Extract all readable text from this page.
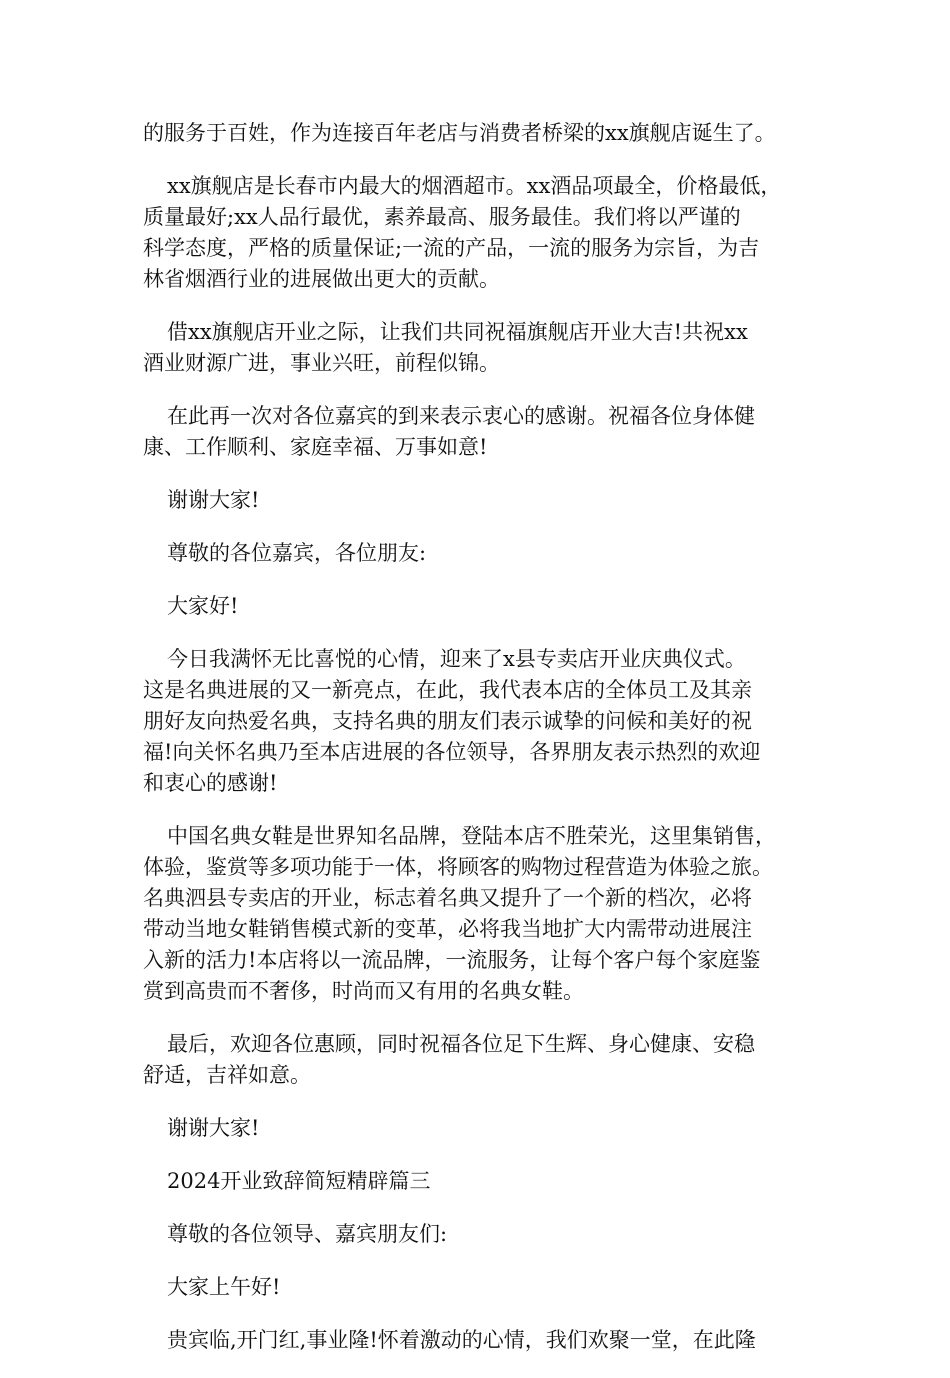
的服务于百姓，作为连接百年老店与消费者桥梁的xx旗舰店诞生了。
xx旗舰店是长春市内最大的烟酒超市。xx酒品项最全，价格最低，
质量最好;xx人品行最优，素养最高、服务最佳。我们将以严谨的
科学态度，严格的质量保证;一流的产品，一流的服务为宗旨，为吉
林省烟酒行业的进展做出更大的贡献。
借xx旗舰店开业之际，让我们共同祝福旗舰店开业大吉!共祝xx
酒业财源广进，事业兴旺，前程似锦。
在此再一次对各位嘉宾的到来表示衷心的感谢。祝福各位身体健
康、工作顺利、家庭幸福、万事如意!
谢谢大家!
尊敬的各位嘉宾，各位朋友:
大家好!
今日我满怀无比喜悦的心情，迎来了x县专卖店开业庆典仪式。
这是名典进展的又一新亮点，在此，我代表本店的全体员工及其亲
朋好友向热爱名典，支持名典的朋友们表示诚挚的问候和美好的祝
福!向关怀名典乃至本店进展的各位领导，各界朋友表示热烈的欢迎
和衷心的感谢!
中国名典女鞋是世界知名品牌，登陆本店不胜荣光，这里集销售，
体验，鉴赏等多项功能于一体，将顾客的购物过程营造为体验之旅。
名典泗县专卖店的开业，标志着名典又提升了一个新的档次，必将
带动当地女鞋销售模式新的变革，必将我当地扩大内需带动进展注
入新的活力!本店将以一流品牌，一流服务，让每个客户每个家庭鉴
赏到高贵而不奢侈，时尚而又有用的名典女鞋。
最后，欢迎各位惠顾，同时祝福各位足下生辉、身心健康、安稳
舒适，吉祥如意。
谢谢大家!
2024开业致辞简短精辟篇三
尊敬的各位领导、嘉宾朋友们:
大家上午好!
贵宾临,开门红,事业隆!怀着激动的心情，我们欢聚一堂，在此隆
